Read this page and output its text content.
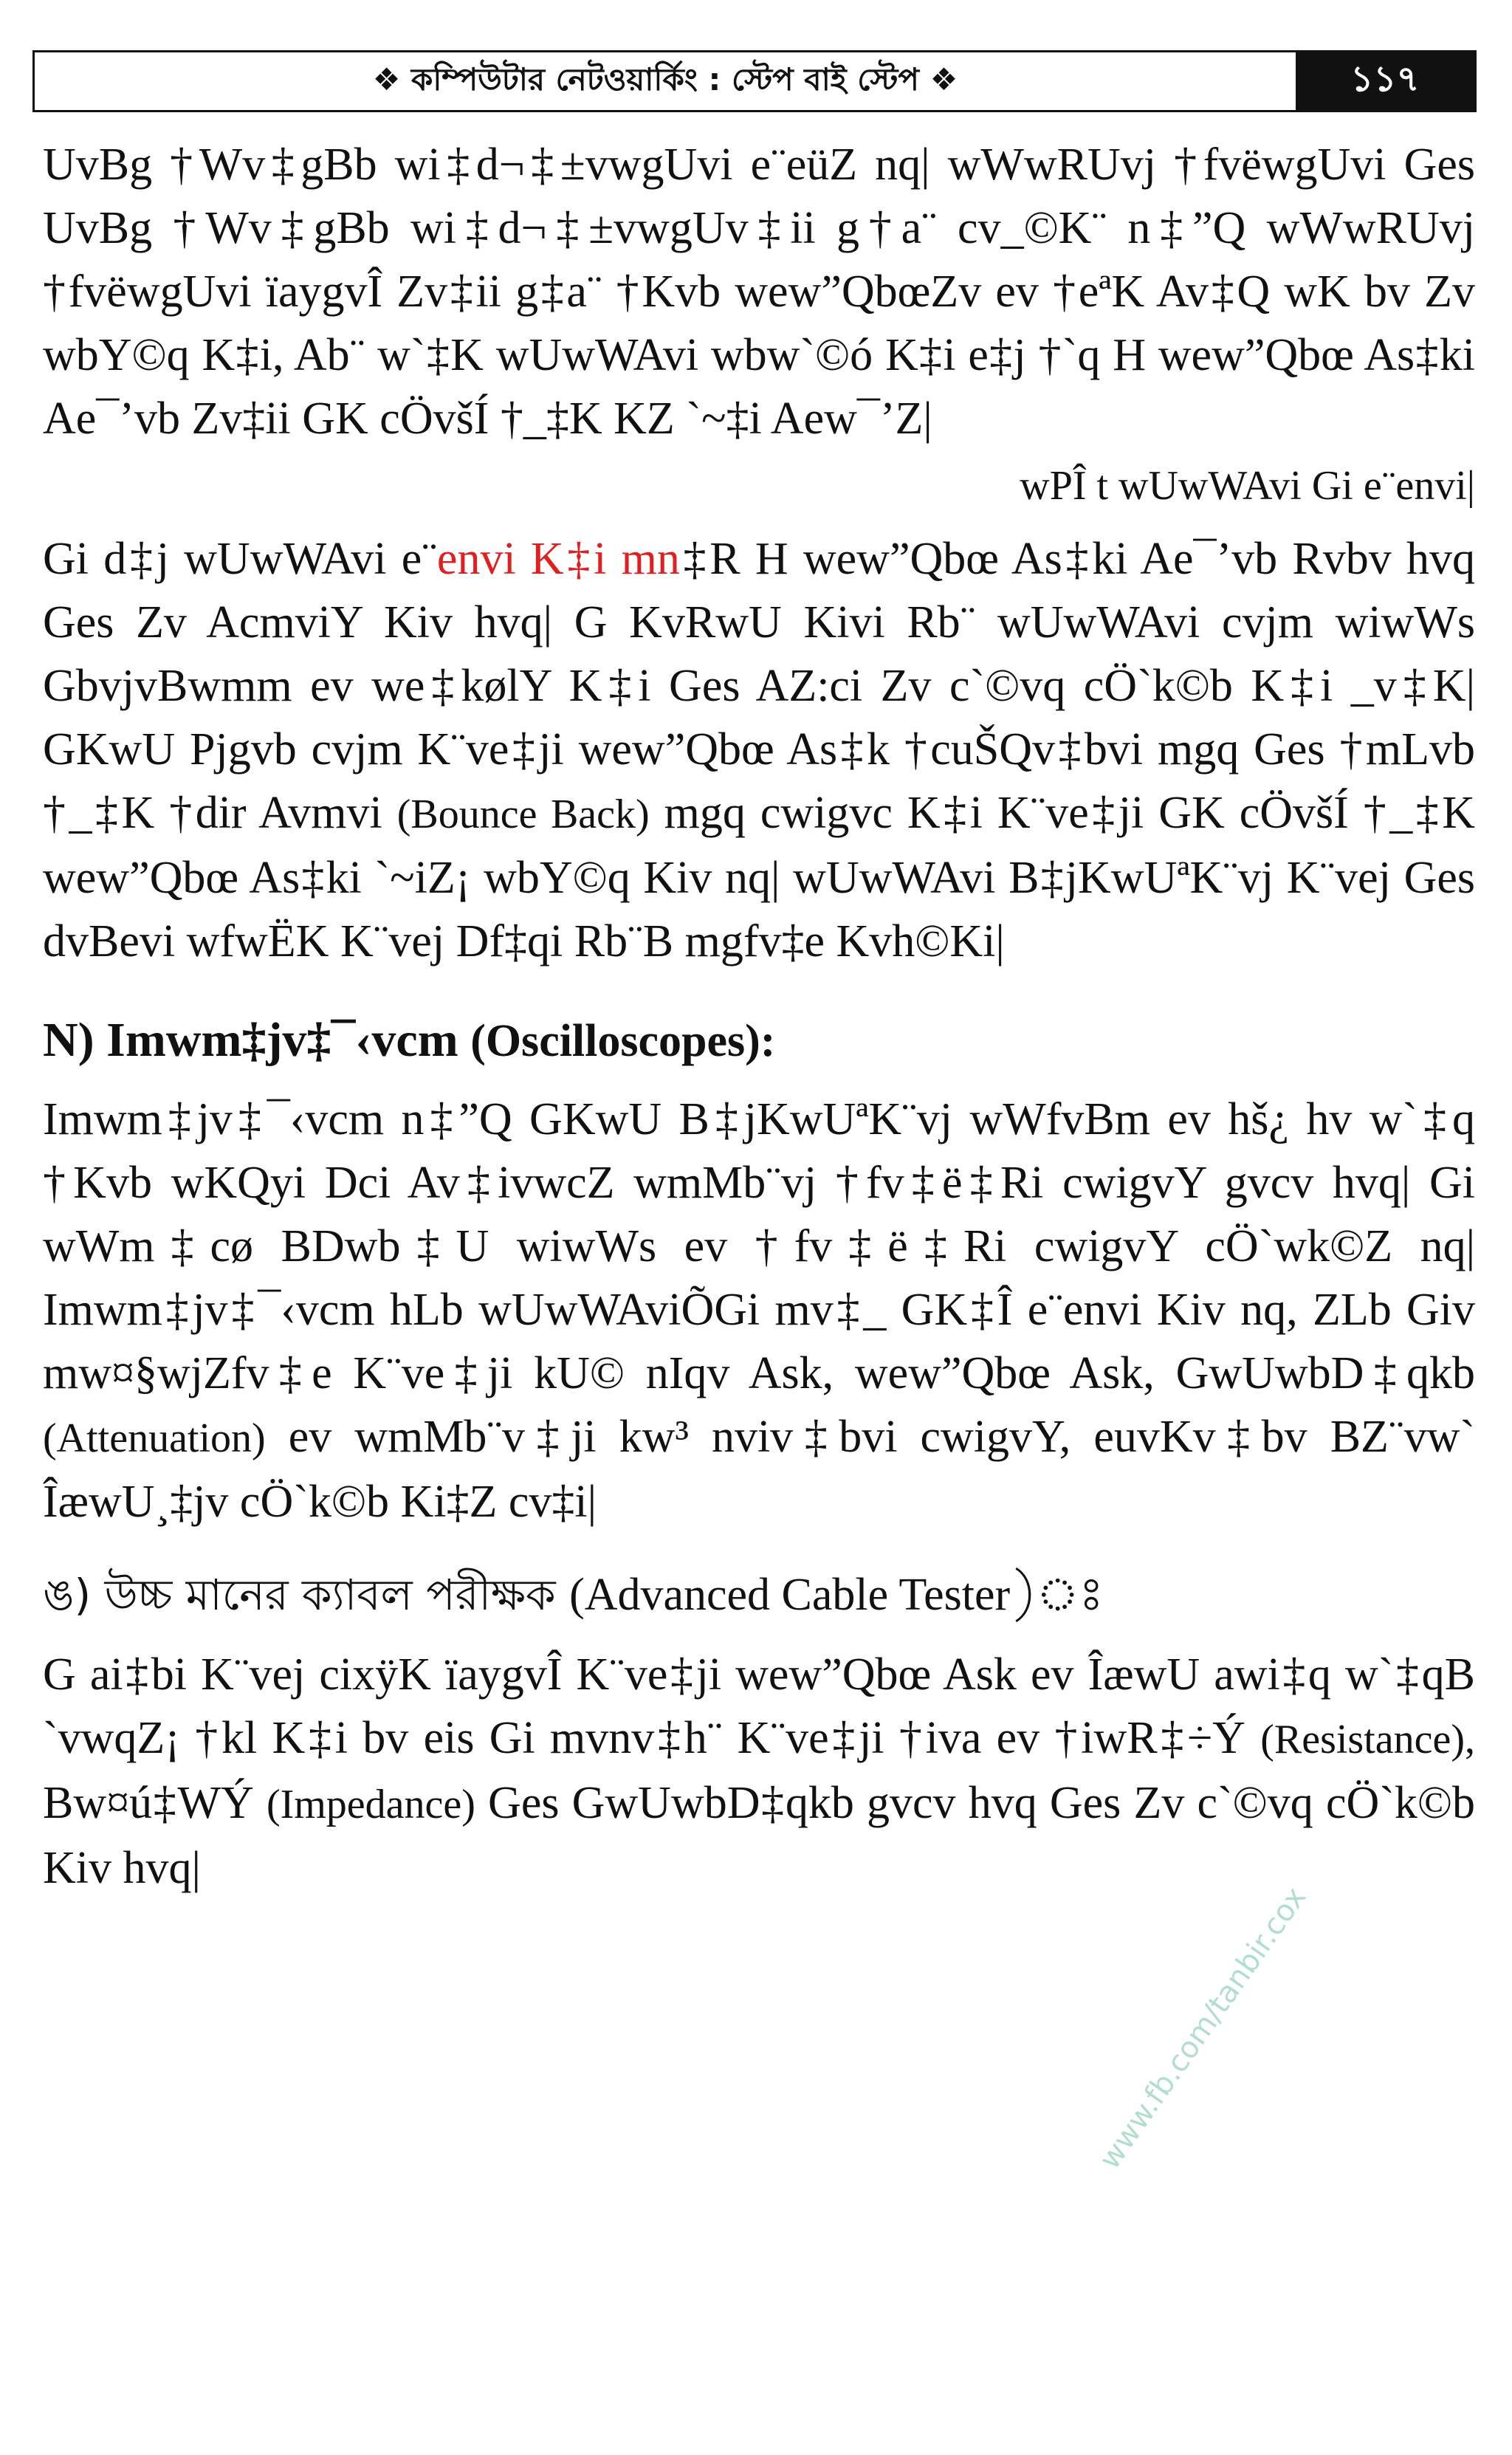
❖ কম্পিউটার নেটওয়ার্কিং : স্টেপ বাই স্টেপ ❖	১১৭

UvBg †Wv‡gBb wi‡d¬‡±vwgUvi e¨eüZ nq| wWwRUvj †fvëwgUvi Ges UvBg †Wv‡gBb wi‡d¬‡±vwgUv‡ii g†a¨ cv_©K¨ n‡”Q wWwRUvj †fvëwgUvi ïaygvÎ Zv‡ii g‡a¨ †Kvb wew”QbœZv ev †eªK Av‡Q wK bv Zv wbY©q K‡i, Ab¨ w`‡K wUwWAvi wbw`©ó K‡i e‡j †`q H wew”Qbœ As‡ki Ae¯’vb Zv‡ii GK cÖvšÍ †_‡K KZ `~‡i Aew¯’Z|

wPÎ t wUwWAvi Gi e¨envi|

Gi d‡j wUwWAvi e¨envi K‡i mn‡R H wew”Qbœ As‡ki Ae¯’vb Rvbv hvq Ges Zv AcmviY Kiv hvq| G KvRwU Kivi Rb¨ wUwWAvi cvjm wiwWs GbvjvBwmm ev we‡kølY K‡i Ges AZ:ci Zv c`©vq cÖ`k©b K‡i _v‡K| GKwU Pjgvb cvjm K¨ve‡ji wew”Qbœ As‡k †cuŠQv‡bvi mgq Ges †mLvb †_‡K †dir Avmvi (Bounce Back) mgq cwigvc K‡i K¨ve‡ji GK cÖvšÍ †_‡K wew”Qbœ As‡ki `~iZ¡ wbY©q Kiv nq| wUwWAvi B‡jKwUªK¨vj K¨vej Ges dvBevi wfwËK K¨vej Df‡qi Rb¨B mgfv‡e Kvh©Ki|

N) Imwm‡jv‡¯‹vcm (Oscilloscopes):

Imwm‡jv‡¯‹vcm n‡”Q GKwU B‡jKwUªK¨vj wWfvBm ev hš¿ hv w`‡q †Kvb wKQyi Dci Av‡ivwcZ wmMb¨vj †fv‡ë‡Ri cwigvY gvcv hvq| Gi wWm‡cø BDwb‡U wiwWs ev †fv‡ë‡Ri cwigvY cÖ`wk©Z nq| Imwm‡jv‡¯‹vcm hLb wUwWAviÕGi mv‡_ GK‡Î e¨envi Kiv nq, ZLb Giv mw¤§wjZfv‡e K¨ve‡ji kU© nIqv Ask, wew”Qbœ Ask, GwUwbD‡qkb (Attenuation) ev wmMb¨v‡ji kw³ nviv‡bvi cwigvY, euvKv‡bv BZ¨vw` ÎæwU¸‡jv cÖ`k©b Ki‡Z cv‡i|

ঙ) উচ্চ মানের ক্যাবল পরীক্ষক (Advanced Cable Tester)ঃ

G ai‡bi K¨vej cixÿK ïaygvÎ K¨ve‡ji wew”Qbœ Ask ev ÎæwU awi‡q w`‡qB `vwqZ¡ †kl K‡i bv eis Gi mvnv‡h¨ K¨ve‡ji †iva ev †iwR‡÷Ý (Resistance), Bw¤ú‡WÝ (Impedance) Ges GwUwbD‡qkb gvcv hvq Ges Zv c`©vq cÖ`k©b Kiv hvq|

www.fb.com/tanbir.cox
